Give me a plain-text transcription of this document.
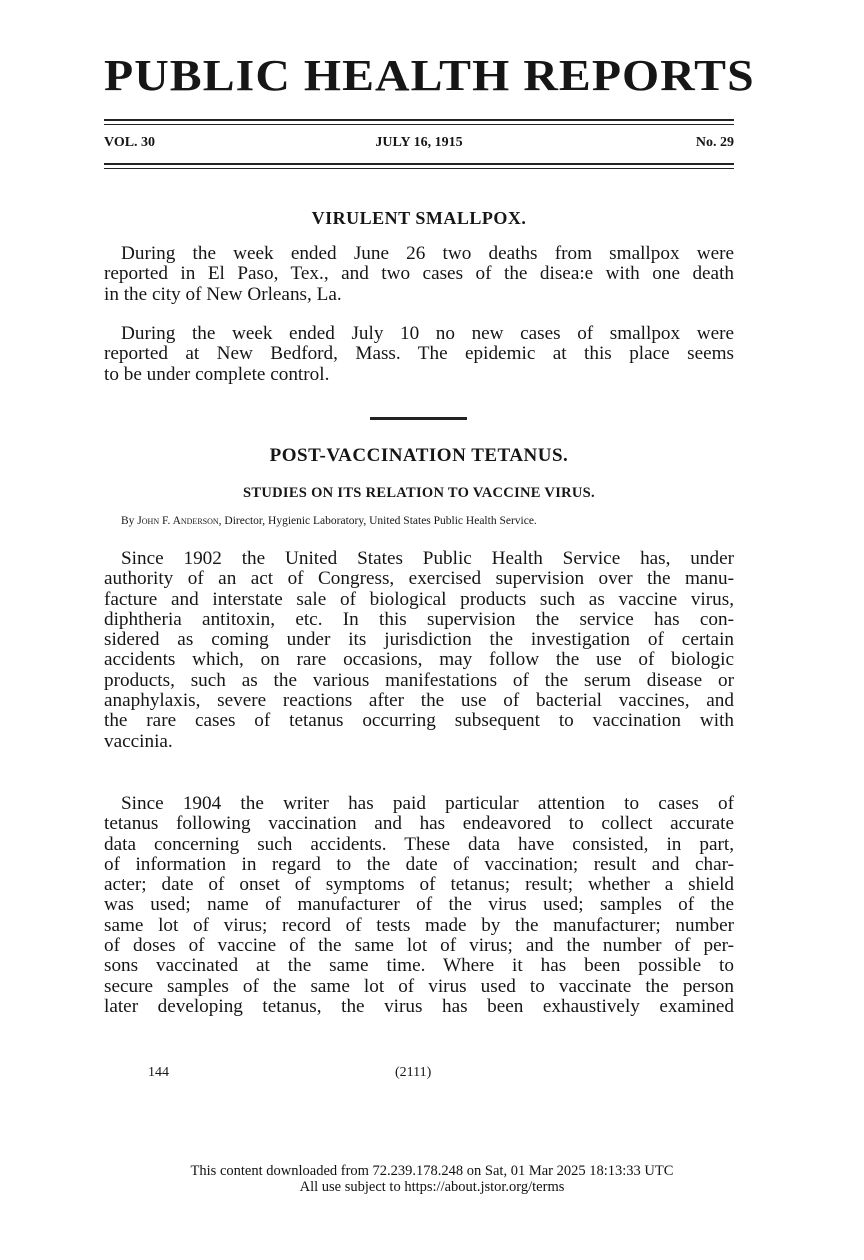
PUBLIC HEALTH REPORTS
VOL. 30	JULY 16, 1915	No. 29
VIRULENT SMALLPOX.
During the week ended June 26 two deaths from smallpox were
reported in El Paso, Tex., and two cases of the disea:e with one death
in the city of New Orleans, La.
During the week ended July 10 no new cases of smallpox were
reported at New Bedford, Mass. The epidemic at this place seems
to be under complete control.
POST-VACCINATION TETANUS.
STUDIES ON ITS RELATION TO VACCINE VIRUS.
By John F. Anderson, Director, Hygienic Laboratory, United States Public Health Service.
Since 1902 the United States Public Health Service has, under
authority of an act of Congress, exercised supervision over the manu-
facture and interstate sale of biological products such as vaccine virus,
diphtheria antitoxin, etc. In this supervision the service has con-
sidered as coming under its jurisdiction the investigation of certain
accidents which, on rare occasions, may follow the use of biologic
products, such as the various manifestations of the serum disease or
anaphylaxis, severe reactions after the use of bacterial vaccines, and
the rare cases of tetanus occurring subsequent to vaccination with
vaccinia.
Since 1904 the writer has paid particular attention to cases of
tetanus following vaccination and has endeavored to collect accurate
data concerning such accidents. These data have consisted, in part,
of information in regard to the date of vaccination; result and char-
acter; date of onset of symptoms of tetanus; result; whether a shield
was used; name of manufacturer of the virus used; samples of the
same lot of virus; record of tests made by the manufacturer; number
of doses of vaccine of the same lot of virus; and the number of per-
sons vaccinated at the same time. Where it has been possible to
secure samples of the same lot of virus used to vaccinate the person
later developing tetanus, the virus has been exhaustively examined
144	(2111)
This content downloaded from 72.239.178.248 on Sat, 01 Mar 2025 18:13:33 UTC
All use subject to https://about.jstor.org/terms
